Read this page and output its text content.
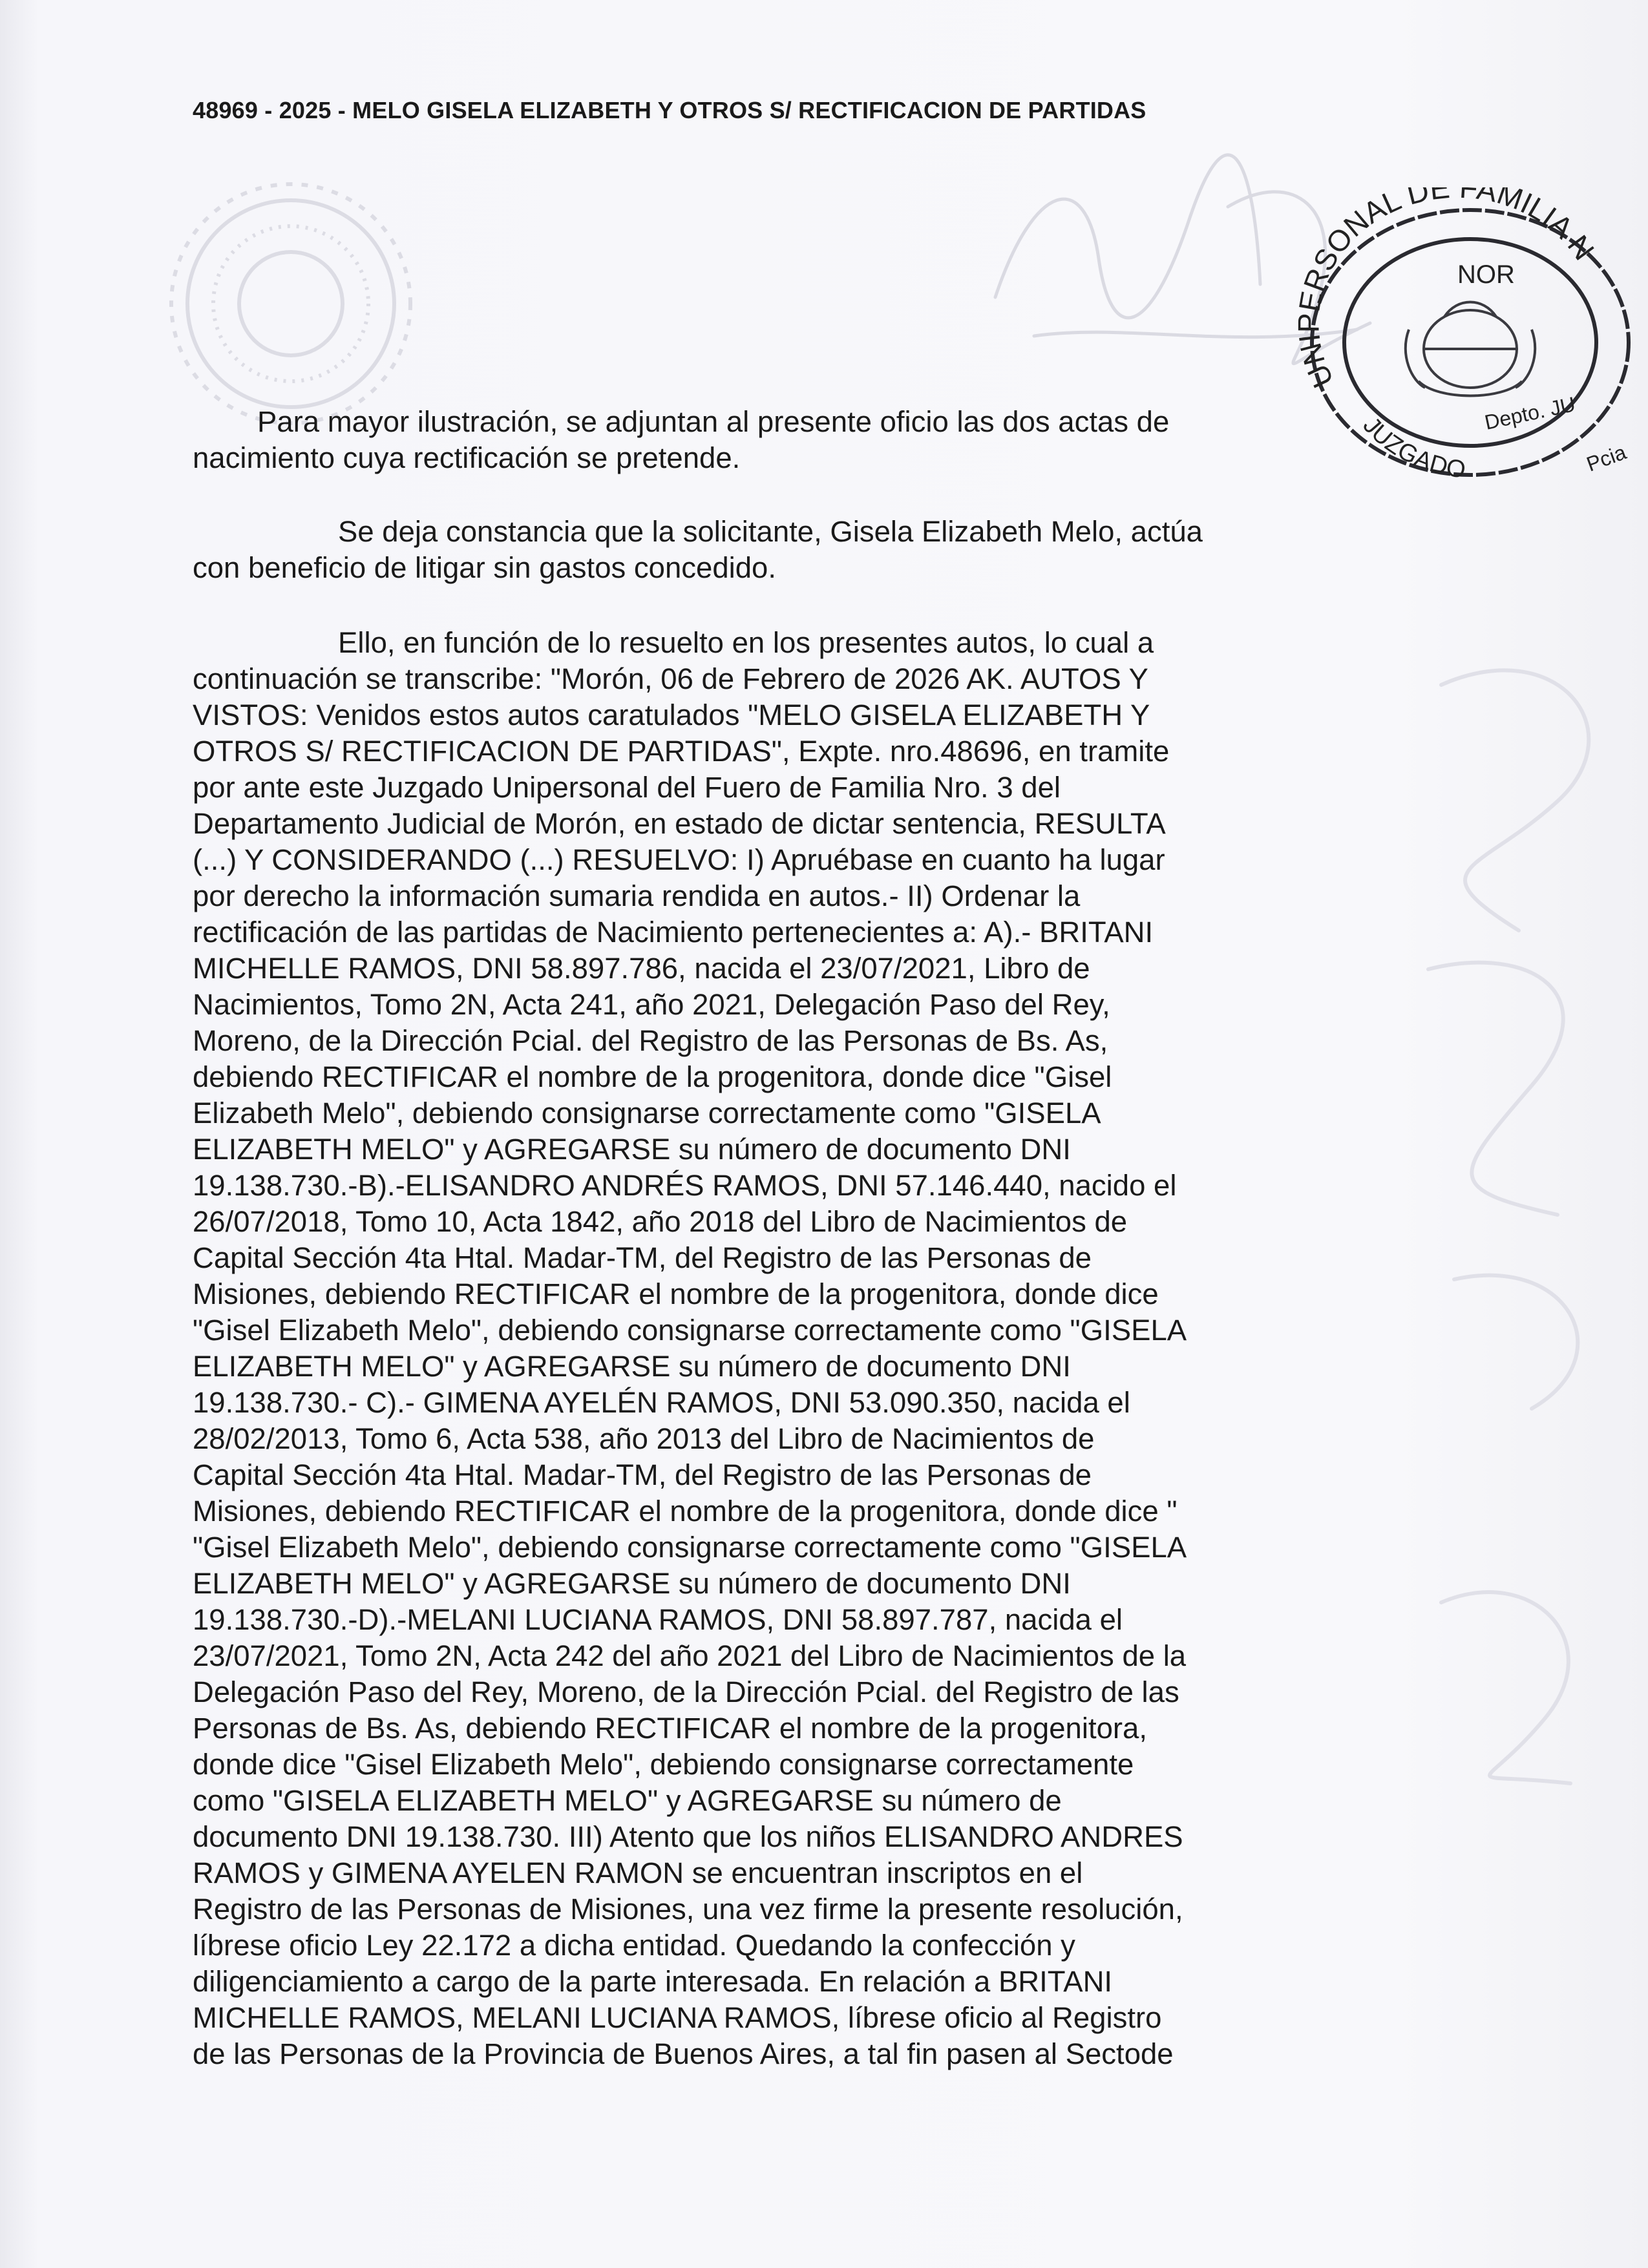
UN RSONAL DE FAMILIA N
NOR
JUZGADO
Depto. JU
Pcia
48969 - 2025 - MELO GISELA ELIZABETH Y OTROS S/ RECTIFICACION DE PARTIDAS

Para mayor ilustración, se adjuntan al presente oficio las dos actas de
nacimiento cuya rectificación se pretende.

Se deja constancia que la solicitante, Gisela Elizabeth Melo, actúa
con beneficio de litigar sin gastos concedido.

Ello, en función de lo resuelto en los presentes autos, lo cual a
continuación se transcribe: "Morón, 06 de Febrero de 2026 AK. AUTOS Y
VISTOS: Venidos estos autos caratulados "MELO GISELA ELIZABETH Y
OTROS S/ RECTIFICACION DE PARTIDAS", Expte. nro.48696, en tramite
por ante este Juzgado Unipersonal del Fuero de Familia Nro. 3 del
Departamento Judicial de Morón, en estado de dictar sentencia, RESULTA
(...) Y CONSIDERANDO (...) RESUELVO: I) Apruébase en cuanto ha lugar
por derecho la información sumaria rendida en autos.- II) Ordenar la
rectificación de las partidas de Nacimiento pertenecientes a: A).- BRITANI
MICHELLE RAMOS, DNI 58.897.786, nacida el 23/07/2021, Libro de
Nacimientos, Tomo 2N, Acta 241, año 2021, Delegación Paso del Rey,
Moreno, de la Dirección Pcial. del Registro de las Personas de Bs. As,
debiendo RECTIFICAR el nombre de la progenitora, donde dice "Gisel
Elizabeth Melo", debiendo consignarse correctamente como "GISELA
ELIZABETH MELO" y AGREGARSE su número de documento DNI
19.138.730.-B).-ELISANDRO ANDRÉS RAMOS, DNI 57.146.440, nacido el
26/07/2018, Tomo 10, Acta 1842, año 2018 del Libro de Nacimientos de
Capital Sección 4ta Htal. Madar-TM, del Registro de las Personas de
Misiones, debiendo RECTIFICAR el nombre de la progenitora, donde dice
"Gisel Elizabeth Melo", debiendo consignarse correctamente como "GISELA
ELIZABETH MELO" y AGREGARSE su número de documento DNI
19.138.730.- C).- GIMENA AYELÉN RAMOS, DNI 53.090.350, nacida el
28/02/2013, Tomo 6, Acta 538, año 2013 del Libro de Nacimientos de
Capital Sección 4ta Htal. Madar-TM, del Registro de las Personas de
Misiones, debiendo RECTIFICAR el nombre de la progenitora, donde dice "
"Gisel Elizabeth Melo", debiendo consignarse correctamente como "GISELA
ELIZABETH MELO" y AGREGARSE su número de documento DNI
19.138.730.-D).-MELANI LUCIANA RAMOS, DNI 58.897.787, nacida el
23/07/2021, Tomo 2N, Acta 242 del año 2021 del Libro de Nacimientos de la
Delegación Paso del Rey, Moreno, de la Dirección Pcial. del Registro de las
Personas de Bs. As, debiendo RECTIFICAR el nombre de la progenitora,
donde dice "Gisel Elizabeth Melo", debiendo consignarse correctamente
como "GISELA ELIZABETH MELO" y AGREGARSE su número de
documento DNI 19.138.730. III) Atento que los niños ELISANDRO ANDRES
RAMOS y GIMENA AYELEN RAMON se encuentran inscriptos en el
Registro de las Personas de Misiones, una vez firme la presente resolución,
líbrese oficio Ley 22.172 a dicha entidad. Quedando la confección y
diligenciamiento a cargo de la parte interesada. En relación a BRITANI
MICHELLE RAMOS, MELANI LUCIANA RAMOS, líbrese oficio al Registro
de las Personas de la Provincia de Buenos Aires, a tal fin pasen al Sectode
